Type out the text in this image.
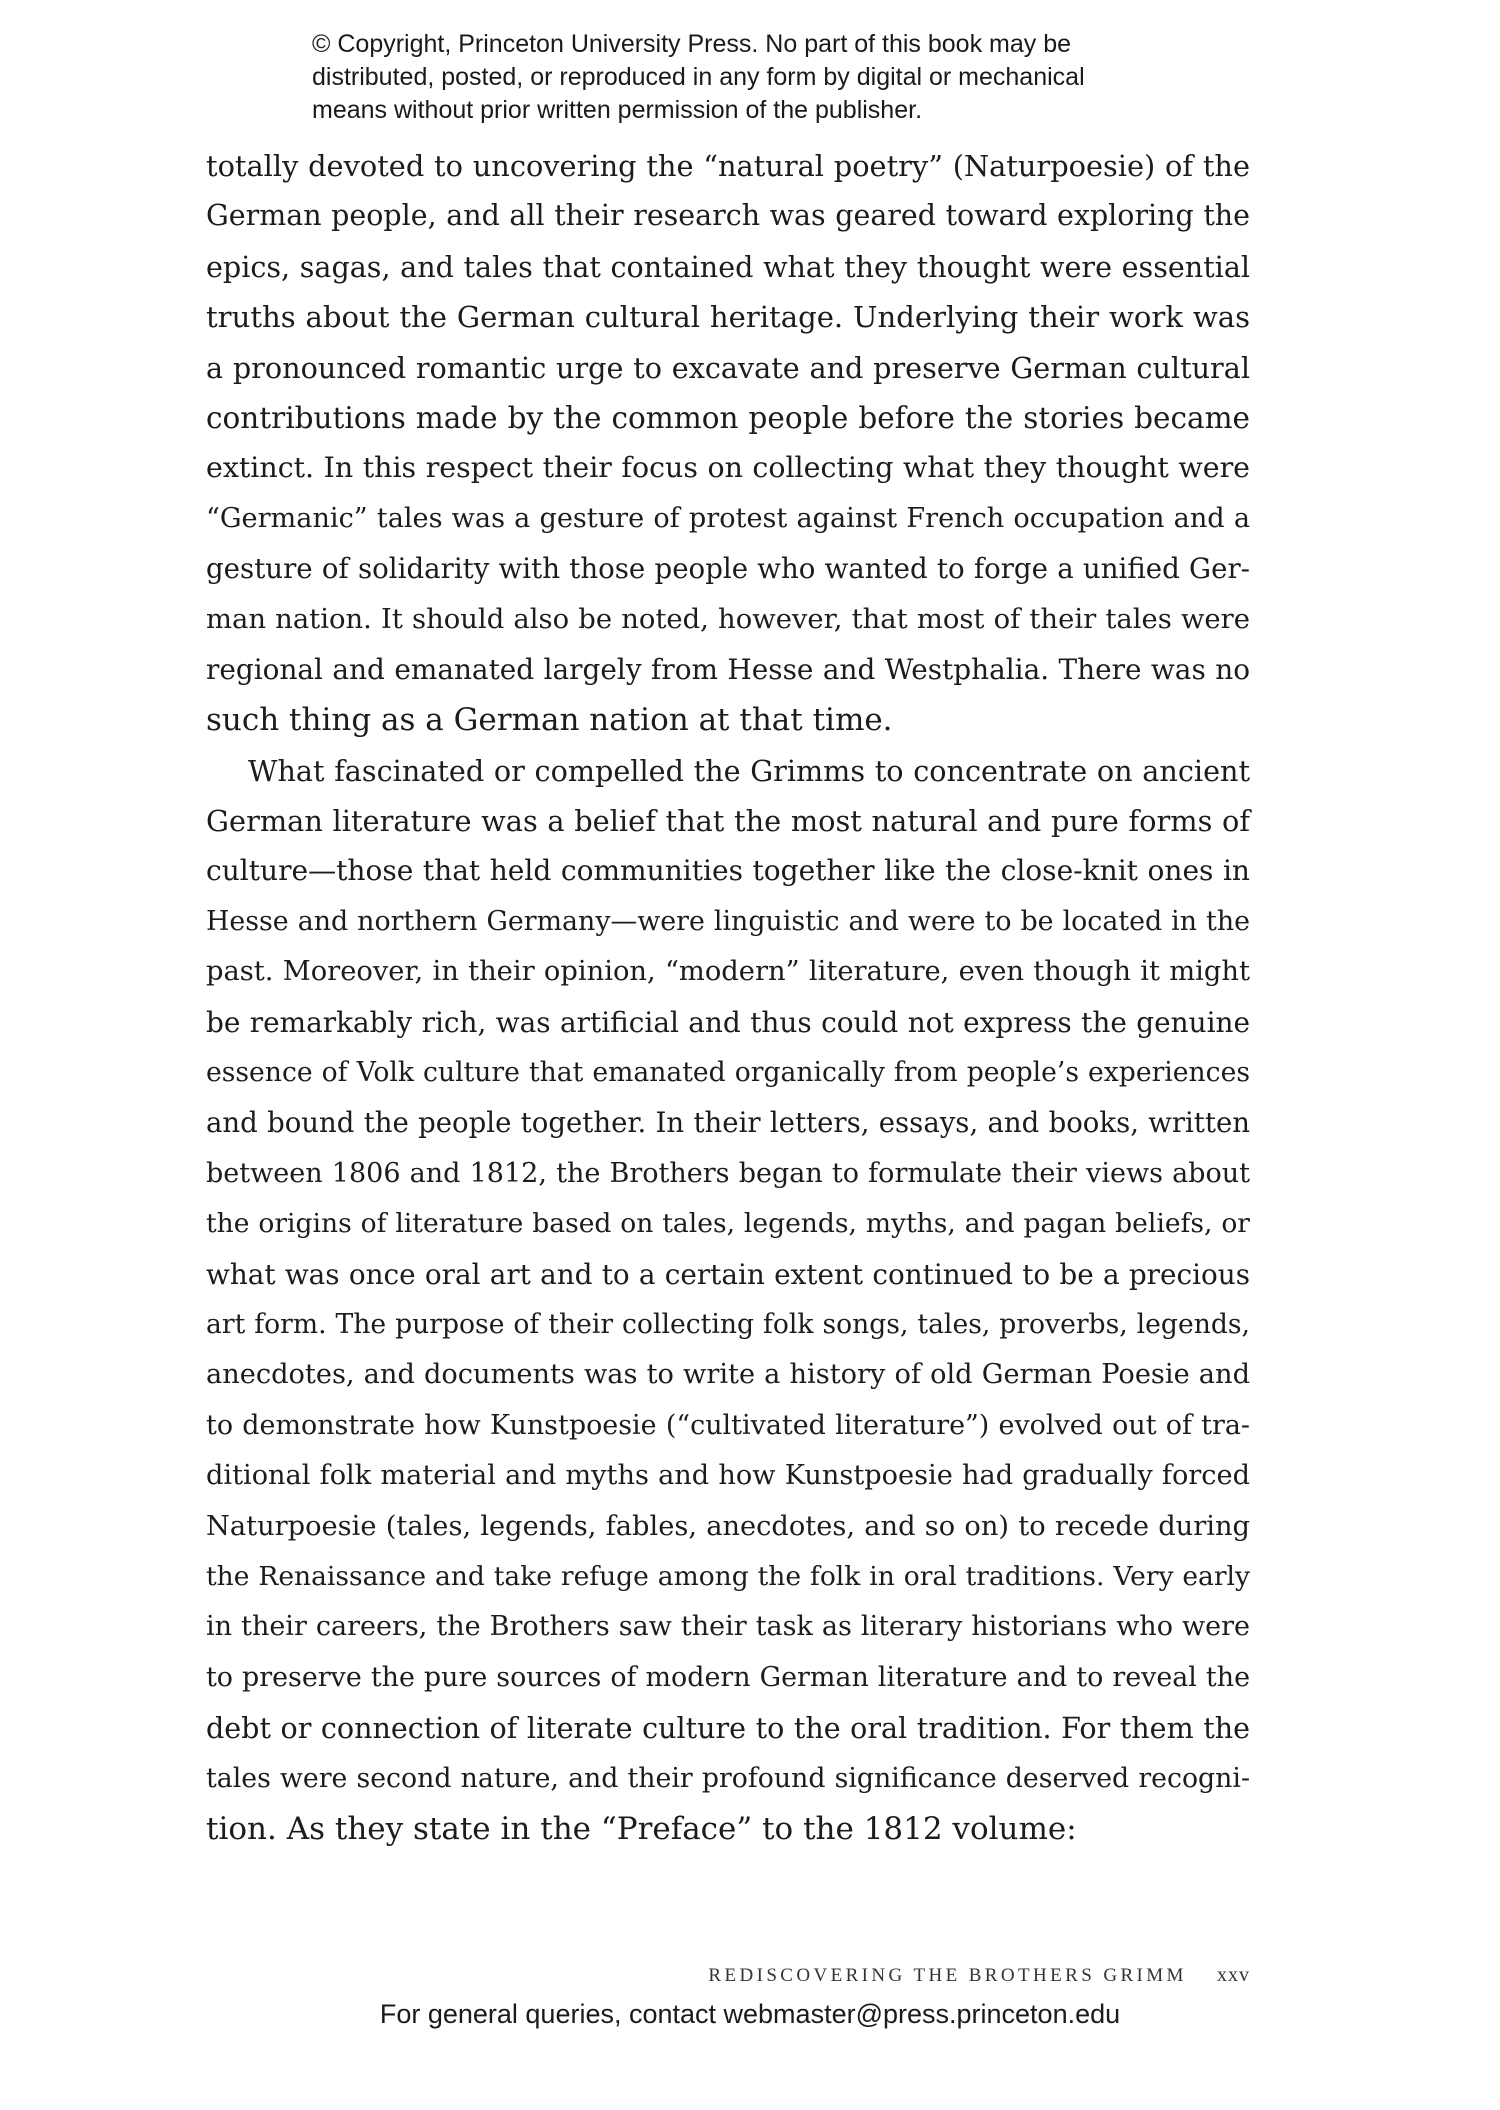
© Copyright, Princeton University Press. No part of this book may be
distributed, posted, or reproduced in any form by digital or mechanical
means without prior written permission of the publisher.
totally devoted to uncovering the “natural poetry” (Naturpoesie) of the
German people, and all their research was geared toward exploring the
epics, sagas, and tales that contained what they thought were essential
truths about the German cultural heritage. Underlying their work was
a pronounced romantic urge to excavate and preserve German cultural
contributions made by the common people before the stories became
extinct. In this respect their focus on collecting what they thought were
“Germanic” tales was a gesture of protest against French occupation and a
gesture of solidarity with those people who wanted to forge a unified Ger-
man nation. It should also be noted, however, that most of their tales were
regional and emanated largely from Hesse and Westphalia. There was no
such thing as a German nation at that time.
What fascinated or compelled the Grimms to concentrate on ancient
German literature was a belief that the most natural and pure forms of
culture—those that held communities together like the close-knit ones in
Hesse and northern Germany—were linguistic and were to be located in the
past. Moreover, in their opinion, “modern” literature, even though it might
be remarkably rich, was artificial and thus could not express the genuine
essence of Volk culture that emanated organically from people’s experiences
and bound the people together. In their letters, essays, and books, written
between 1806 and 1812, the Brothers began to formulate their views about
the origins of literature based on tales, legends, myths, and pagan beliefs, or
what was once oral art and to a certain extent continued to be a precious
art form. The purpose of their collecting folk songs, tales, proverbs, legends,
anecdotes, and documents was to write a history of old German Poesie and
to demonstrate how Kunstpoesie (“cultivated literature”) evolved out of tra-
ditional folk material and myths and how Kunstpoesie had gradually forced
Naturpoesie (tales, legends, fables, anecdotes, and so on) to recede during
the Renaissance and take refuge among the folk in oral traditions. Very early
in their careers, the Brothers saw their task as literary historians who were
to preserve the pure sources of modern German literature and to reveal the
debt or connection of literate culture to the oral tradition. For them the
tales were second nature, and their profound significance deserved recogni-
tion. As they state in the “Preface” to the 1812 volume:
REDISCOVERING THE BROTHERS GRIMM xxv
For general queries, contact webmaster@press.princeton.edu
